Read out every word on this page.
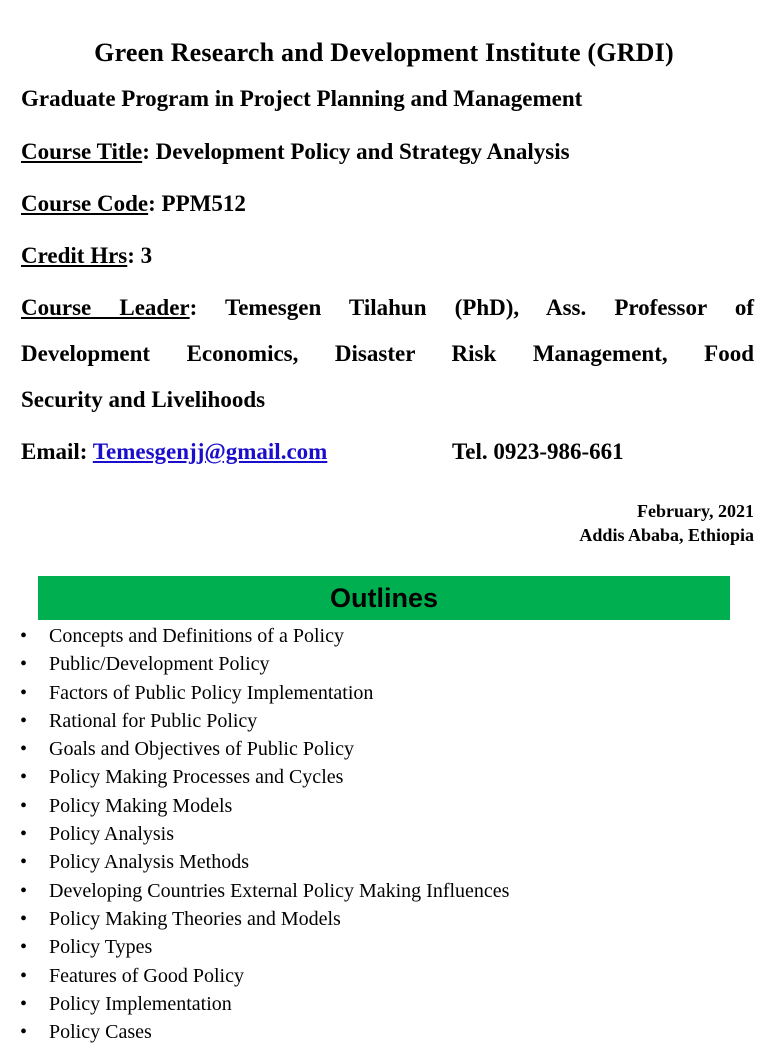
Green Research and Development Institute (GRDI)
Graduate Program in Project Planning and Management
Course Title: Development Policy and Strategy Analysis
Course Code: PPM512
Credit Hrs: 3
Course Leader: Temesgen Tilahun (PhD), Ass. Professor of
Development Economics, Disaster Risk Management, Food
Security and Livelihoods
Email: Temesgenjj@gmail.com	Tel. 0923-986-661
February, 2021
Addis Ababa, Ethiopia
Outlines
•	Concepts and Definitions of a Policy
•	Public/Development Policy
•	Factors of Public Policy Implementation
•	Rational for Public Policy
•	Goals and Objectives of Public Policy
•	Policy Making Processes and Cycles
•	Policy Making Models
•	Policy Analysis
•	Policy Analysis Methods
•	Developing Countries External Policy Making Influences
•	Policy Making Theories and Models
•	Policy Types
•	Features of Good Policy
•	Policy Implementation
•	Policy Cases
